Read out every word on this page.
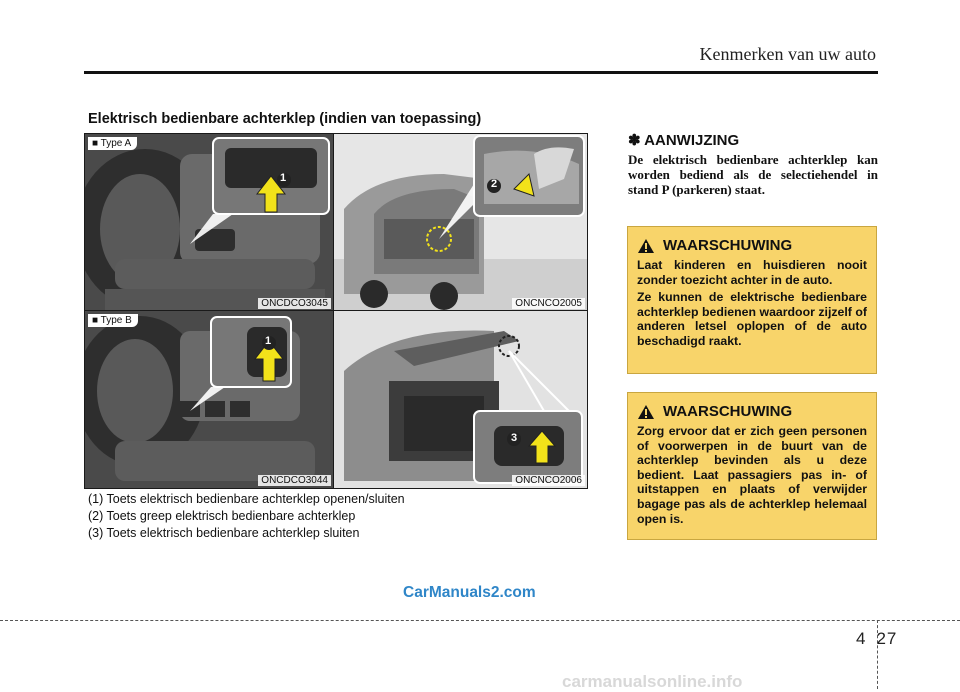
Kenmerken van uw auto
Elektrisch bedienbare achterklep (indien van toepassing)
■ Type A
1
ONCDCO3045
2
ONCNCO2005
■ Type B
1
ONCDCO3044
3
ONCNCO2006
(1) Toets elektrisch bedienbare achterklep openen/sluiten
(2) Toets greep elektrisch bedienbare achterklep
(3) Toets elektrisch bedienbare achterklep sluiten
✽ AANWIJZING
De elektrisch bedienbare achterklep kan worden bediend als de selectiehendel in stand P (parkeren) staat.
WAARSCHUWING

Laat kinderen en huisdieren nooit zonder toezicht achter in de auto.

Ze kunnen de elektrische bedienbare achterklep bedienen waardoor zijzelf of anderen letsel oplopen of de auto beschadigd raakt.

WAARSCHUWING

Zorg ervoor dat er zich geen personen of voorwerpen in de buurt van de achterklep bevinden als u deze bedient. Laat passagiers pas in- of uitstappen en plaats of verwijder bagage pas als de achterklep helemaal open is.

CarManuals2.com
4 27
carmanualsonline.info
